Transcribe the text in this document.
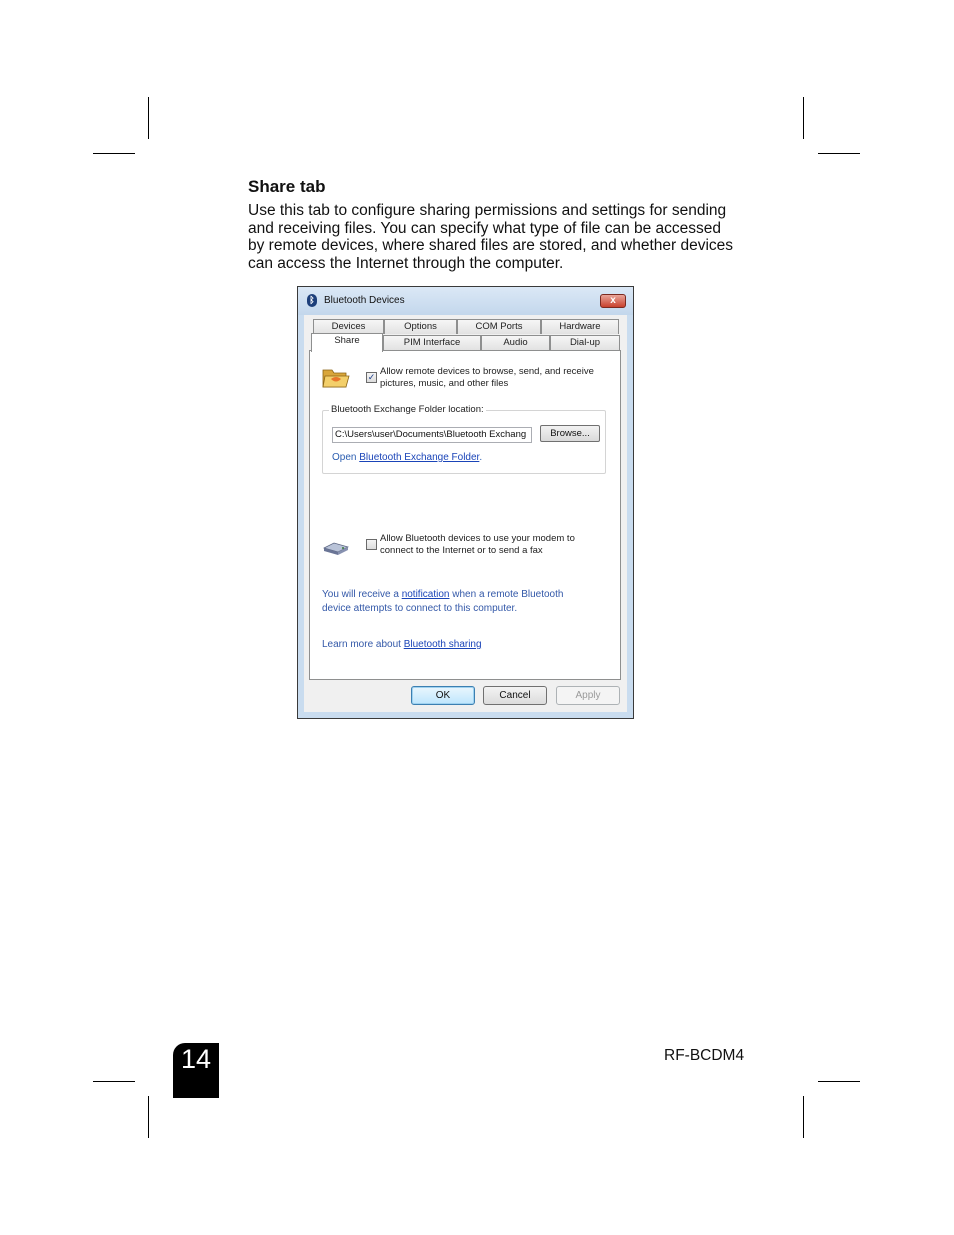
Share tab
Use this tab to configure sharing permissions and settings for sending and receiving files. You can specify what type of file can be accessed by remote devices, where shared files are stored, and whether devices can access the Internet through the computer.
ᛒ Bluetooth Devices	x
Devices	Options	COM Ports	Hardware
Share	PIM Interface	Audio	Dial-up
✓ Allow remote devices to browse, send, and receive
pictures, music, and other files
Bluetooth Exchange Folder location:
C:\Users\user\Documents\Bluetooth Exchang	Browse...
Open Bluetooth Exchange Folder.
Allow Bluetooth devices to use your modem to
connect to the Internet or to send a fax
You will receive a notification when a remote Bluetooth
device attempts to connect to this computer.
Learn more about Bluetooth sharing
OK	Cancel	Apply
14	RF-BCDM4
